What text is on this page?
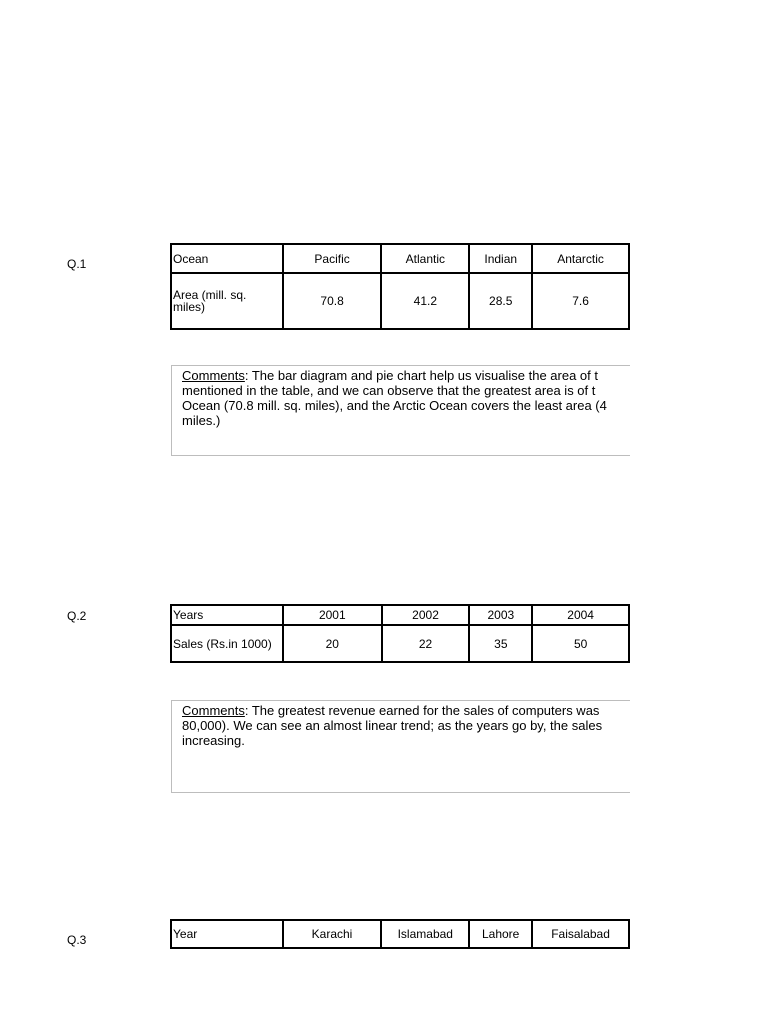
Q.1	Ocean	Pacific	Atlantic	Indian	Antarctic
Area (mill. sq.
miles)	70.8	41.2	28.5	7.6
Comments: The bar diagram and pie chart help us visualise the area of t
mentioned in the table, and we can observe that the greatest area is of t
Ocean (70.8 mill. sq. miles), and the Arctic Ocean covers the least area (4
miles.)
Q.2	Years	2001	2002	2003	2004
Sales (Rs.in 1000)	20	22	35	50
Comments: The greatest revenue earned for the sales of computers was
80,000). We can see an almost linear trend; as the years go by, the sales
increasing.
Q.3	Year	Karachi	Islamabad	Lahore	Faisalabad
